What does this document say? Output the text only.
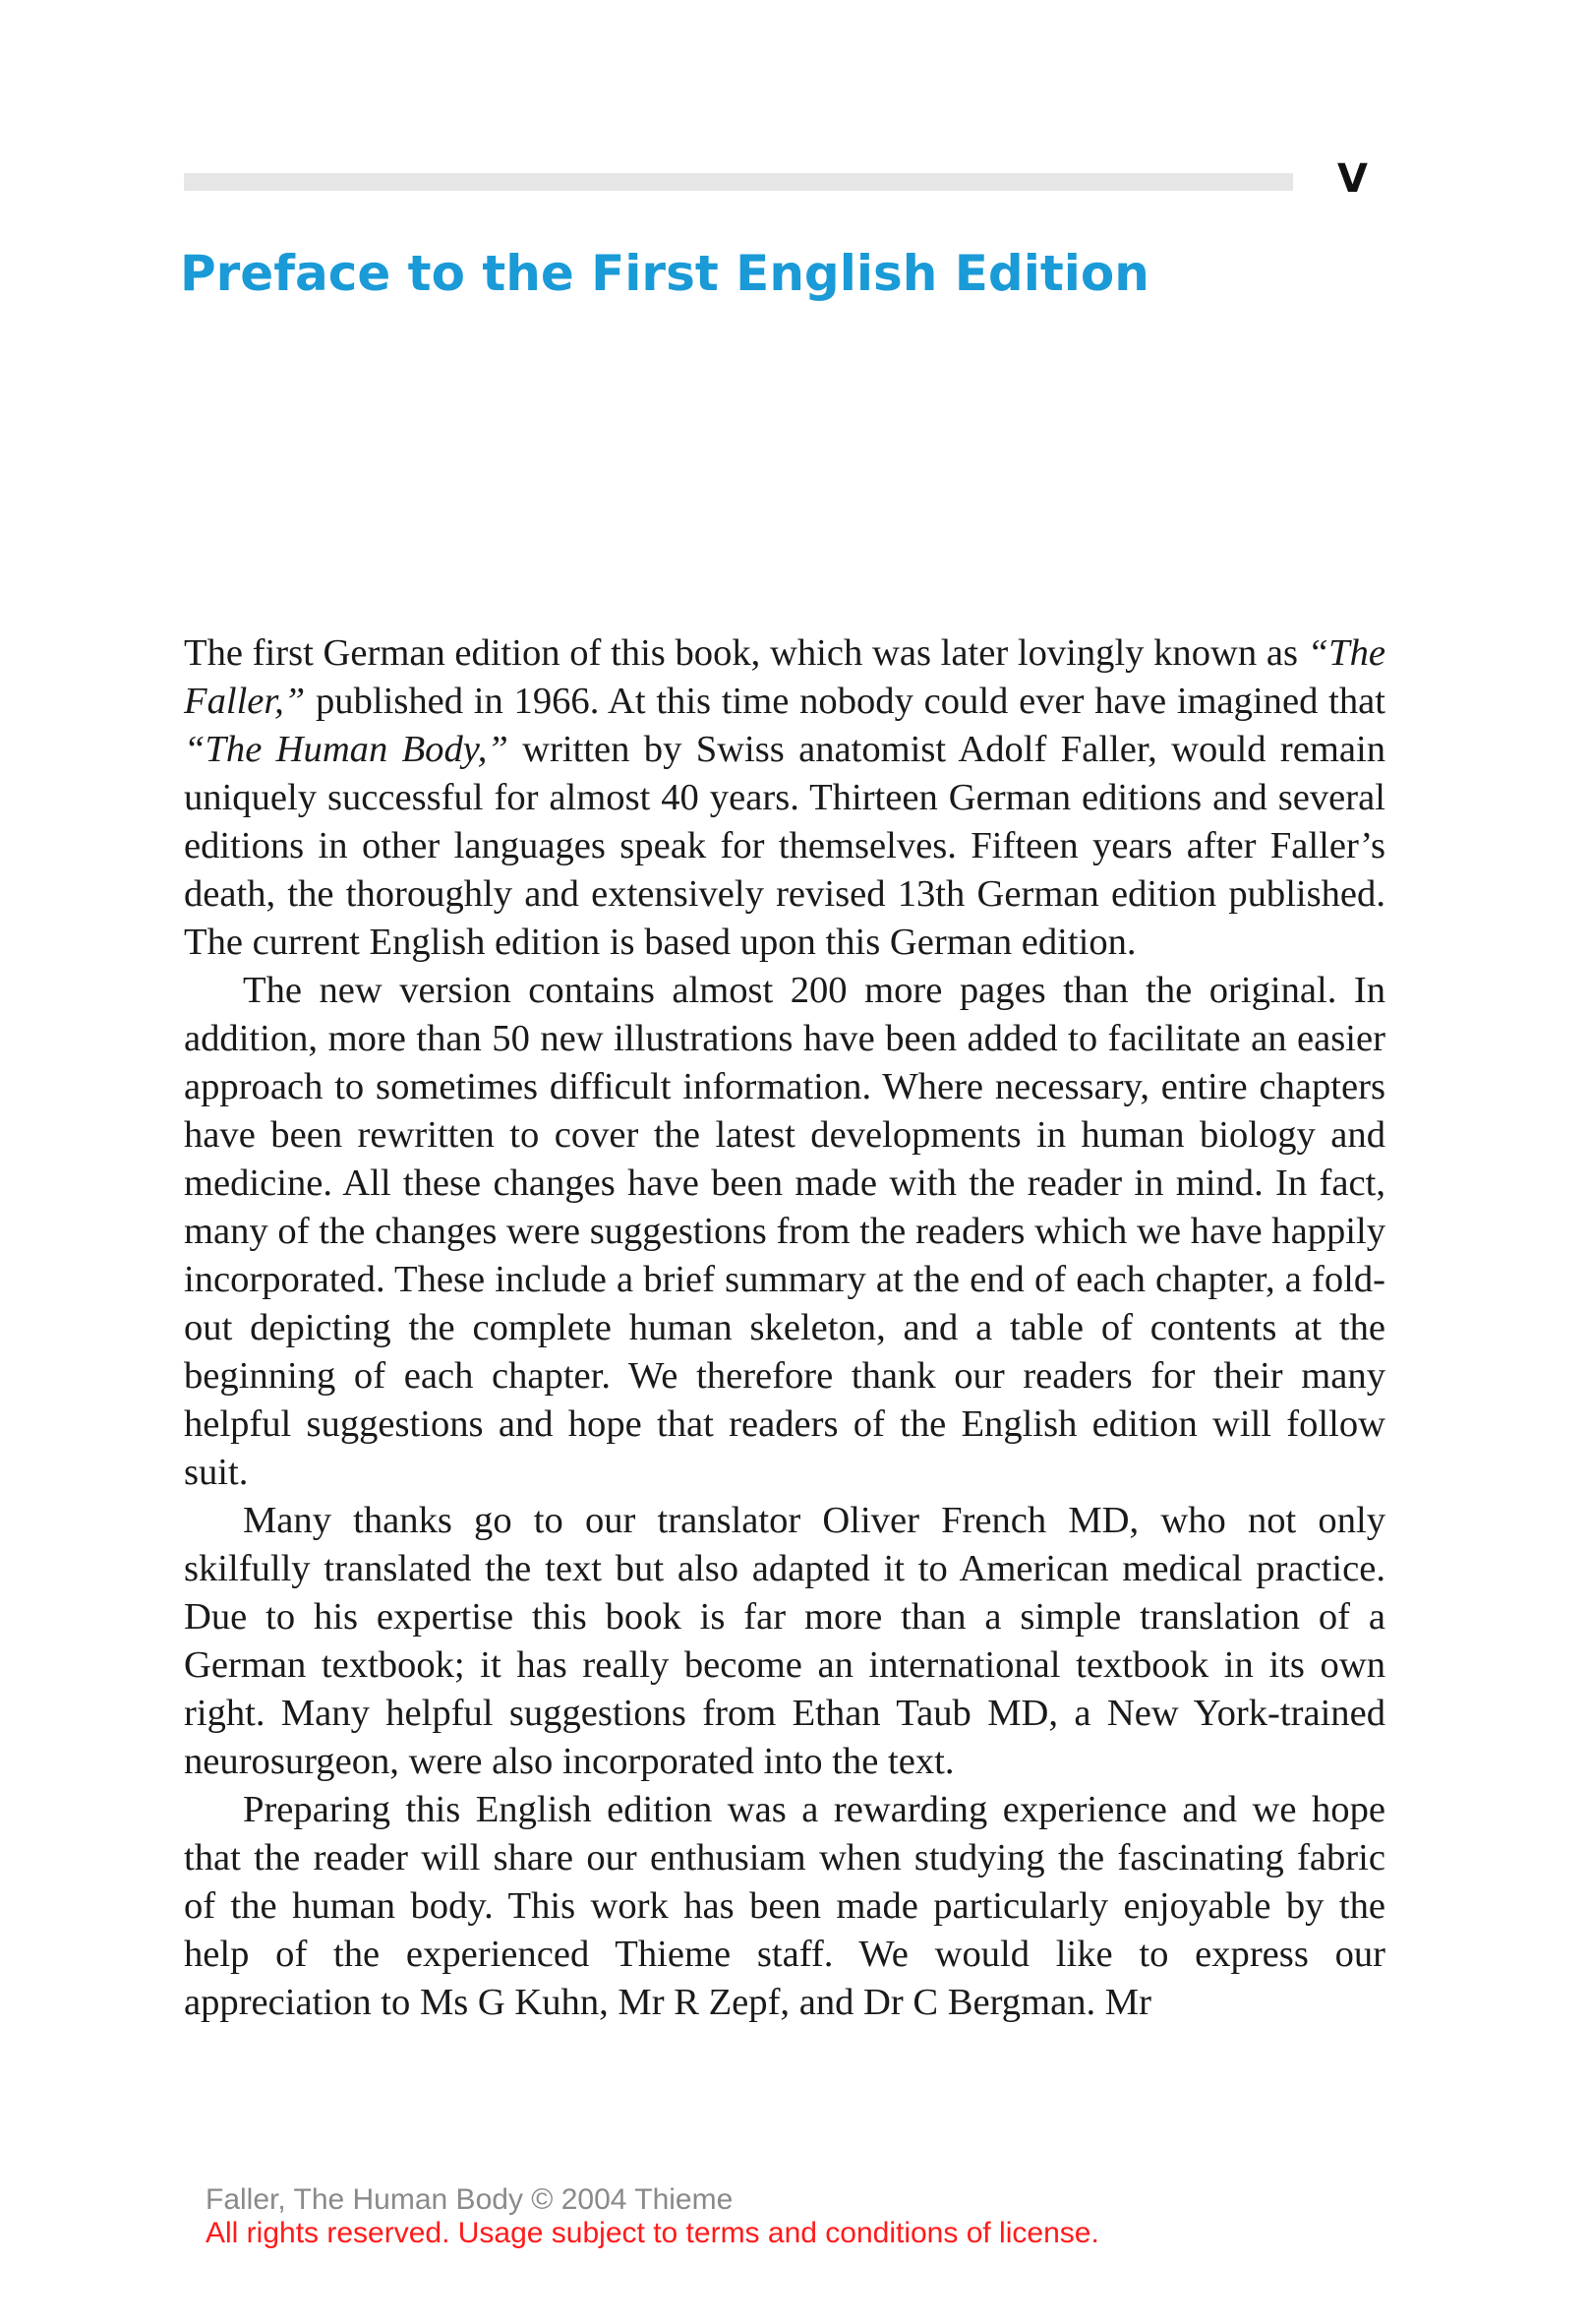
V
Preface to the First English Edition

The first German edition of this book, which was later lovingly known as “The Faller,” published in 1966. At this time nobody could ever have imagined that “The Human Body,” written by Swiss anatomist Adolf Faller, would remain uniquely successful for almost 40 years. Thirteen German editions and several editions in other languages speak for themselves. Fifteen years after Faller’s death, the thoroughly and extensively revised 13th German edition published. The current English edition is based upon this German edition.

The new version contains almost 200 more pages than the original. In addition, more than 50 new illustrations have been added to facilitate an easier approach to sometimes difficult information. Where necessary, entire chapters have been rewritten to cover the latest developments in human biology and medicine. All these changes have been made with the reader in mind. In fact, many of the changes were suggestions from the readers which we have happily incorporated. These include a brief summary at the end of each chapter, a fold-out depicting the complete human skeleton, and a table of contents at the beginning of each chapter. We therefore thank our readers for their many helpful suggestions and hope that readers of the English edition will follow suit.

Many thanks go to our translator Oliver French MD, who not only skilfully translated the text but also adapted it to American medical practice. Due to his expertise this book is far more than a simple translation of a German textbook; it has really become an international textbook in its own right. Many helpful suggestions from Ethan Taub MD, a New York-trained neurosurgeon, were also incorporated into the text.

Preparing this English edition was a rewarding experience and we hope that the reader will share our enthusiam when studying the fascinating fabric of the human body. This work has been made particularly enjoyable by the help of the experienced Thieme staff. We would like to express our appreciation to Ms G Kuhn, Mr R Zepf, and Dr C Bergman. Mr

Faller, The Human Body © 2004 Thieme
All rights reserved. Usage subject to terms and conditions of license.
